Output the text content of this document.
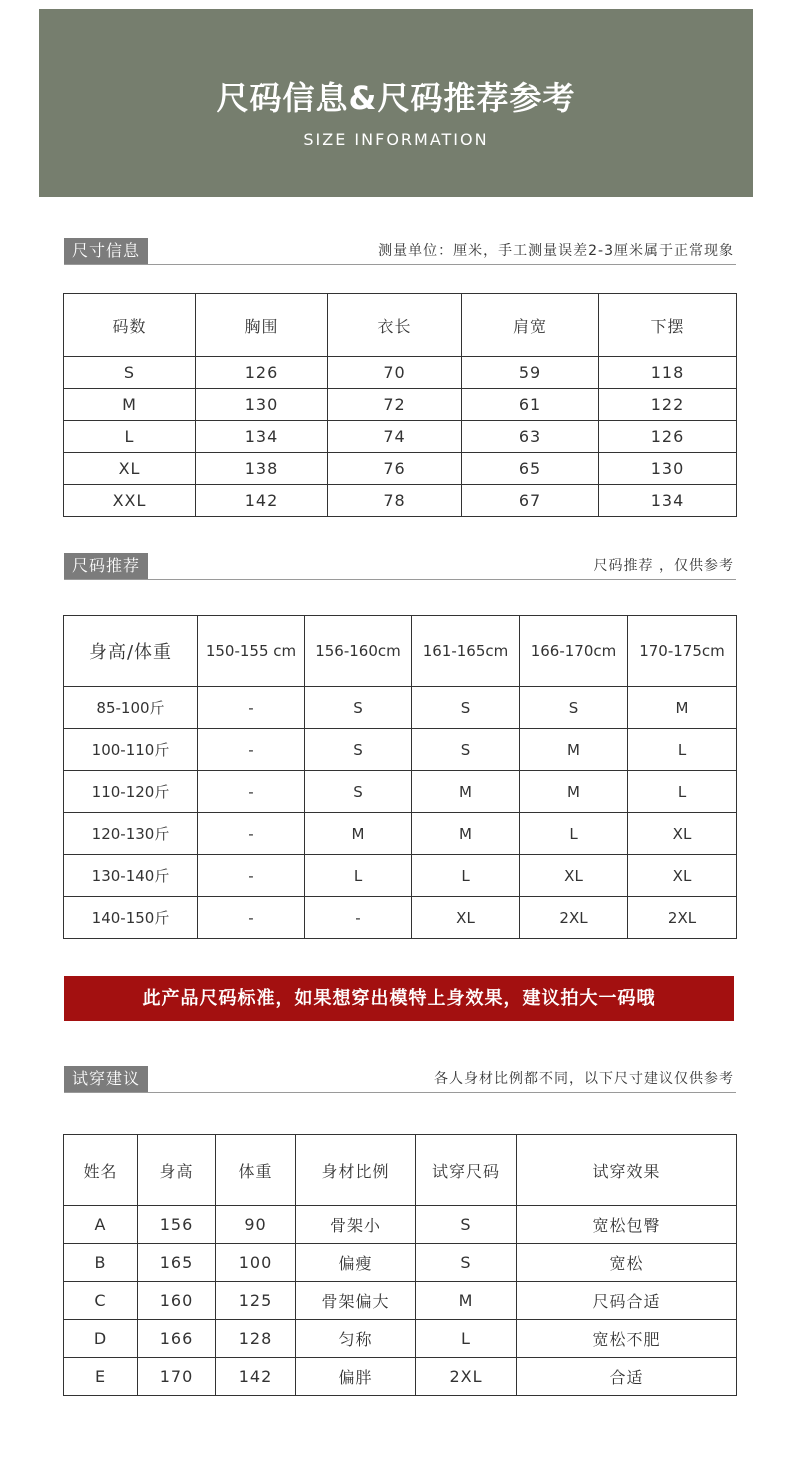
尺码信息&尺码推荐参考
SIZE INFORMATION
尺寸信息	测量单位：厘米，手工测量误差2-3厘米属于正常现象
码数	胸围	衣长	肩宽	下摆
S	126	70	59	118
M	130	72	61	122
L	134	74	63	126
XL	138	76	65	130
XXL	142	78	67	134
尺码推荐	尺码推荐 ，仅供参考
身高/体重	150-155 cm	156-160cm	161-165cm	166-170cm	170-175cm
85-100斤	-	S	S	S	M
100-110斤	-	S	S	M	L
110-120斤	-	S	M	M	L
120-130斤	-	M	M	L	XL
130-140斤	-	L	L	XL	XL
140-150斤	-	-	XL	2XL	2XL
此产品尺码标准，如果想穿出模特上身效果，建议拍大一码哦
试穿建议	各人身材比例都不同，以下尺寸建议仅供参考
姓名	身高	体重	身材比例	试穿尺码	试穿效果
A	156	90	骨架小	S	宽松包臀
B	165	100	偏瘦	S	宽松
C	160	125	骨架偏大	M	尺码合适
D	166	128	匀称	L	宽松不肥
E	170	142	偏胖	2XL	合适
